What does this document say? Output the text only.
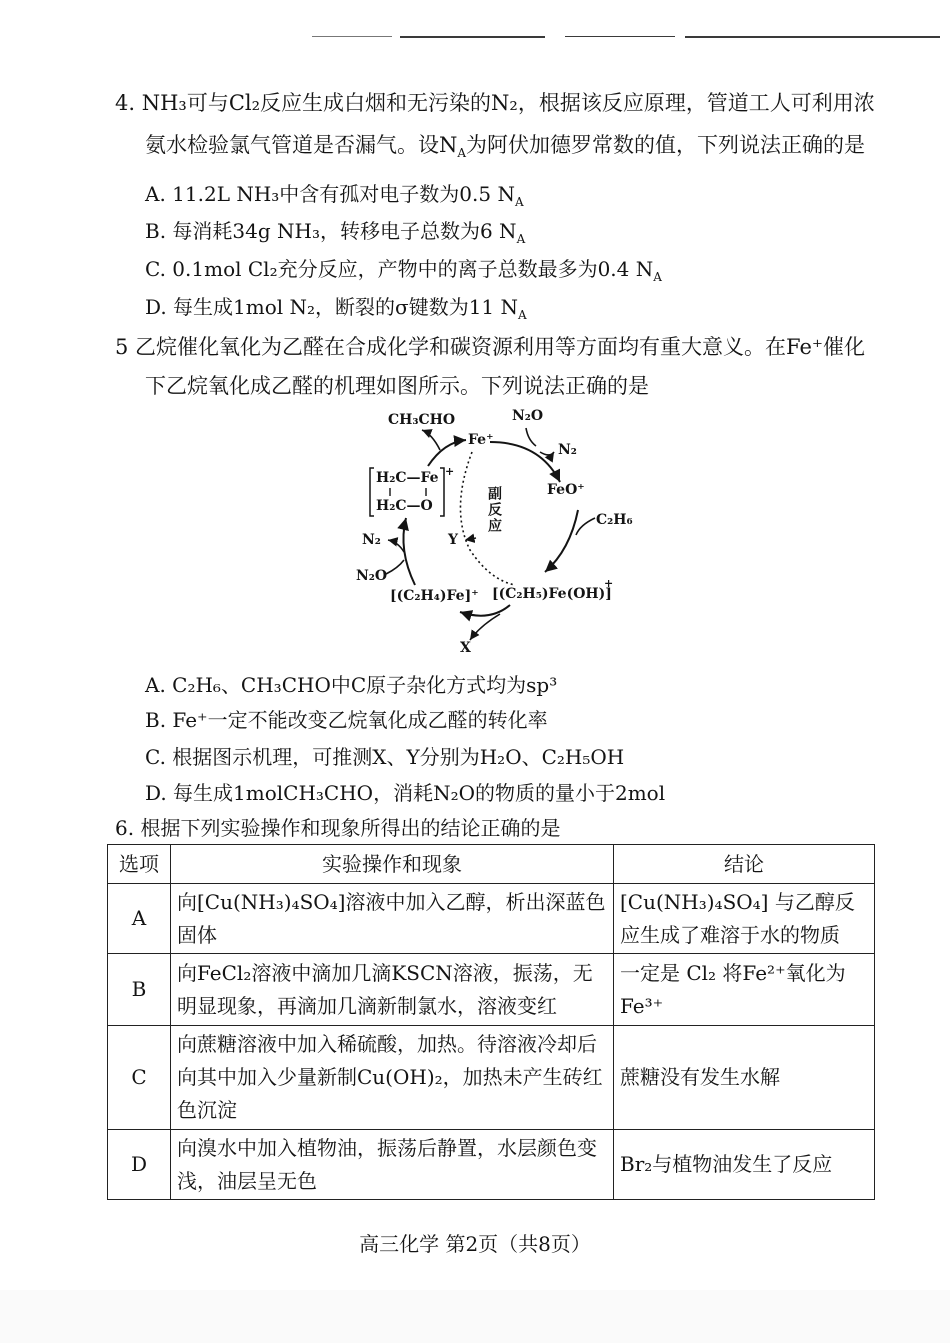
4. NH₃可与Cl₂反应生成白烟和无污染的N₂，根据该反应原理，管道工人可利用浓
氨水检验氯气管道是否漏气。设$N_A$为阿伏加德罗常数的值，下列说法正确的是
A. 11.2L NH₃中含有孤对电子数为0.5 $N_A$
B. 每消耗34g NH₃，转移电子总数为6 $N_A$
C. 0.1mol Cl₂充分反应，产物中的离子总数最多为0.4 $N_A$
D. 每生成1mol N₂，断裂的σ键数为11 $N_A$
5 乙烷催化氧化为乙醛在合成化学和碳资源利用等方面均有重大意义。在Fe⁺催化
下乙烷氧化成乙醛的机理如图所示。下列说法正确的是
CH₃CHO	N₂O
Fe⁺
N₂
FeO⁺
C₂H₆
H₂C—Fe +
H₂C—O	副反应
Y
N₂
N₂O
[(C₂H₄)Fe]⁺ [(C₂H₅)Fe(OH)]
+
X
A. C₂H₆、CH₃CHO中C原子杂化方式均为sp³
B. Fe⁺一定不能改变乙烷氧化成乙醛的转化率
C. 根据图示机理，可推测X、Y分别为H₂O、C₂H₅OH
D. 每生成1molCH₃CHO，消耗N₂O的物质的量小于2mol
6. 根据下列实验操作和现象所得出的结论正确的是
选项	实验操作和现象	结论
A	向[Cu(NH₃)₄SO₄]溶液中加入乙醇，析出深蓝色固体	[Cu(NH₃)₄SO₄] 与乙醇反应生成了难溶于水的物质
B	向FeCl₂溶液中滴加几滴KSCN溶液，振荡，无明显现象，再滴加几滴新制氯水，溶液变红	一定是 Cl₂ 将Fe²⁺氧化为Fe³⁺
C	向蔗糖溶液中加入稀硫酸，加热。待溶液冷却后向其中加入少量新制Cu(OH)₂，加热未产生砖红色沉淀	蔗糖没有发生水解
D	向溴水中加入植物油，振荡后静置，水层颜色变浅，油层呈无色	Br₂与植物油发生了反应
高三化学 第2页（共8页）
